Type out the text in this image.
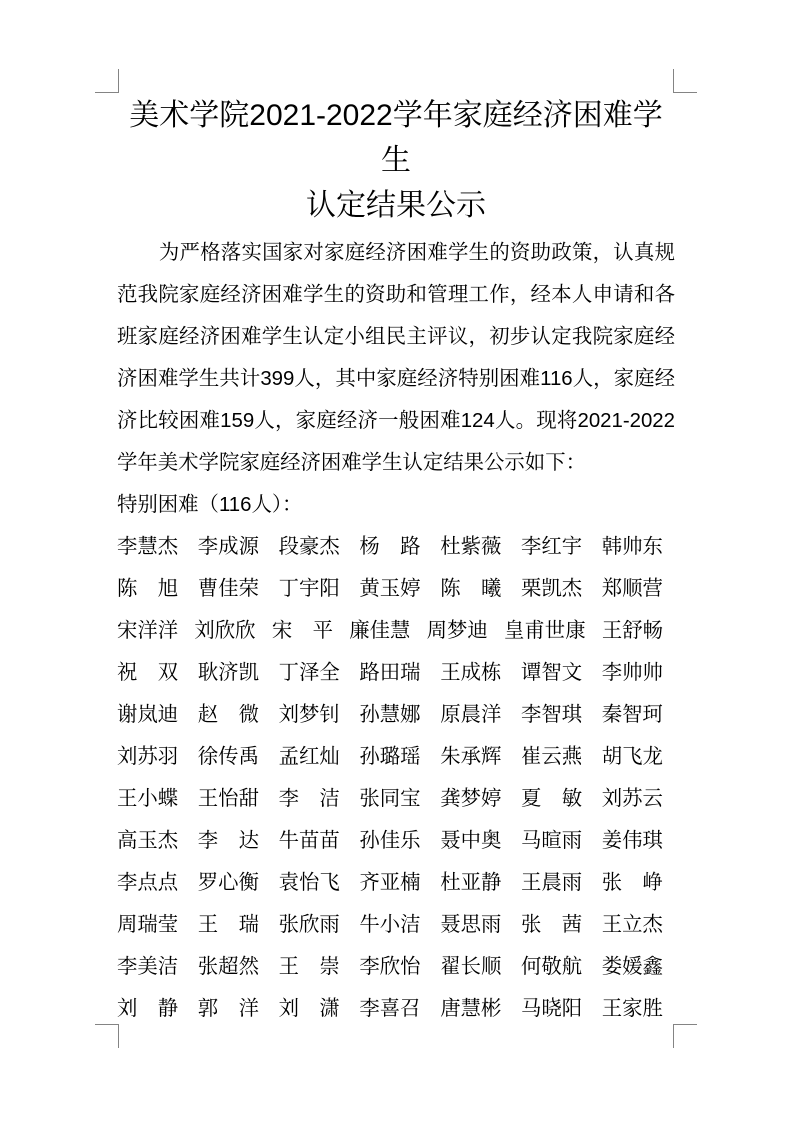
美术学院2021-2022学年家庭经济困难学生
认定结果公示

为严格落实国家对家庭经济困难学生的资助政策，认真规范我院家庭经济困难学生的资助和管理工作，经本人申请和各班家庭经济困难学生认定小组民主评议，初步认定我院家庭经济困难学生共计399人，其中家庭经济特别困难116人，家庭经济比较困难159人，家庭经济一般困难124人。现将2021-2022学年美术学院家庭经济困难学生认定结果公示如下：

特别困难（116人）：
李慧杰 李成源 段豪杰 杨　路 杜紫薇 李红宇 韩帅东
陈　旭 曹佳荣 丁宇阳 黄玉婷 陈　曦 栗凯杰 郑顺营
宋洋洋 刘欣欣 宋　平 廉佳慧 周梦迪 皇甫世康 王舒畅
祝　双 耿济凯 丁泽全 路田瑞 王成栋 谭智文 李帅帅
谢岚迪 赵　微 刘梦钊 孙慧娜 原晨洋 李智琪 秦智珂
刘苏羽 徐传禹 孟红灿 孙璐瑶 朱承辉 崔云燕 胡飞龙
王小蝶 王怡甜 李　洁 张同宝 龚梦婷 夏　敏 刘苏云
高玉杰 李　达 牛苗苗 孙佳乐 聂中奥 马暄雨 姜伟琪
李点点 罗心衡 袁怡飞 齐亚楠 杜亚静 王晨雨 张　峥
周瑞莹 王　瑞 张欣雨 牛小洁 聂思雨 张　茜 王立杰
李美洁 张超然 王　崇 李欣怡 翟长顺 何敬航 娄媛鑫
刘　静 郭　洋 刘　潇 李喜召 唐慧彬 马晓阳 王家胜
